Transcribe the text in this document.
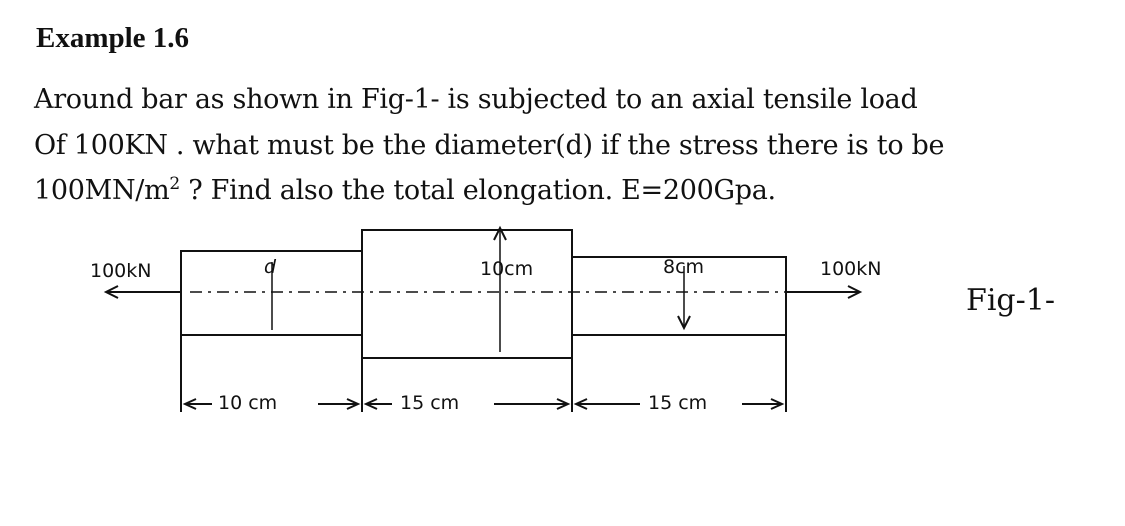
Example 1.6
Around bar as shown in Fig-1- is subjected to an axial tensile load
Of 100KN . what must be the diameter(d) if the stress there is to be
$100MN/m^2$ ? Find also the total elongation. E=200Gpa.
100kN	100kN
d	10cm	8cm
10 cm	15 cm	15 cm
Fig-1-
